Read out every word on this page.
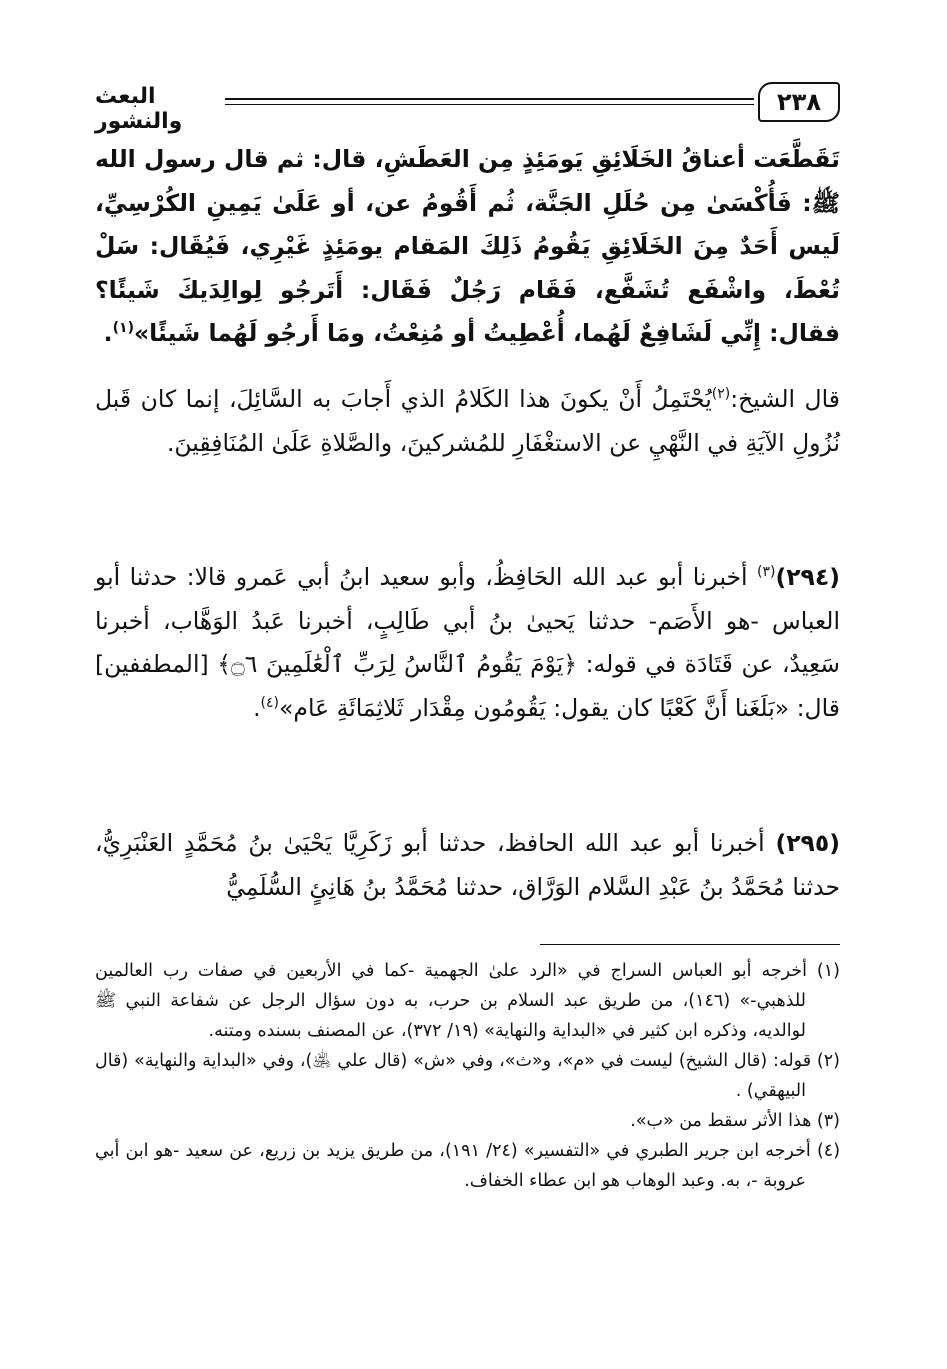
٢٣٨
البعث والنشور

تَقَطَّعَت أعناقُ الخَلَائِقِ يَومَئِذٍ مِن العَطَشِ، قال: ثم قال رسول الله ﷺ: فَأُكْسَىٰ مِن حُلَلِ الجَنَّة، ثُم أَقُومُ عن، أو عَلَىٰ يَمِينِ الكُرْسِيِّ، لَيس أَحَدٌ مِنَ الخَلَائِقِ يَقُومُ ذَلِكَ المَقام يومَئِذٍ غَيْرِي، فَيُقَال: سَلْ تُعْطَ، واشْفَع تُشَفَّع، فَقَام رَجُلٌ فَقَال: أَتَرجُو لِوالِدَيكَ شَيئًا؟ فقال: إِنِّي لَشَافِعٌ لَهُما، أُعْطِيتُ أو مُنِعْتُ، ومَا أَرجُو لَهُما شَيئًا»$^{(١)}$.

قال الشيخ:$^{(٢)}$يُحْتَمِلُ أَنْ يكونَ هذا الكَلامُ الذي أَجابَ به السَّائِلَ، إنما كان قَبل نُزُولِ الآيَةِ في النَّهْيِ عن الاستغْفَارِ للمُشركينَ، والصَّلاةِ عَلَىٰ المُنَافِقِينَ.

(٢٩٤)$^{(٣)}$ أخبرنا أبو عبد الله الحَافِظُ، وأبو سعيد ابنُ أبي عَمرو قالا: حدثنا أبو العباس -هو الأَصَم- حدثنا يَحيىٰ بنُ أبي طَالِبٍ، أخبرنا عَبدُ الوَهَّاب، أخبرنا سَعِيدٌ، عن قَتَادَة في قوله: ﴿يَوْمَ يَقُومُ ٱلنَّاسُ لِرَبِّ ٱلْعَٰلَمِينَ ۝٦﴾ [المطففين] قال: «بَلَغَنا أَنَّ كَعْبًا كان يقول: يَقُومُون مِقْدَار ثَلاثِمَائَةِ عَام»$^{(٤)}$.

(٢٩٥) أخبرنا أبو عبد الله الحافظ، حدثنا أبو زَكَرِيَّا يَحْيَىٰ بنُ مُحَمَّدٍ العَنْبَرِيُّ، حدثنا مُحَمَّدُ بنُ عَبْدِ السَّلام الوَرَّاق، حدثنا مُحَمَّدُ بنُ هَانِئٍ السُّلَمِيُّ

(١) أخرجه أبو العباس السراج في «الرد علىٰ الجهمية -كما في الأربعين في صفات رب العالمين للذهبي-» (١٤٦)، من طريق عبد السلام بن حرب، به دون سؤال الرجل عن شفاعة النبي ﷺ لوالديه، وذكره ابن كثير في «البداية والنهاية» (١٩/ ٣٧٢)، عن المصنف بسنده ومتنه.

(٢) قوله: (قال الشيخ) ليست في «م»، و«ث»، وفي «ش» (قال علي ﵁)، وفي «البداية والنهاية» (قال البيهقي) .

(٣) هذا الأثر سقط من «ب».

(٤) أخرجه ابن جرير الطبري في «التفسير» (٢٤/ ١٩١)، من طريق يزيد بن زريع، عن سعيد -هو ابن أبي عروبة -، به. وعبد الوهاب هو ابن عطاء الخفاف.
